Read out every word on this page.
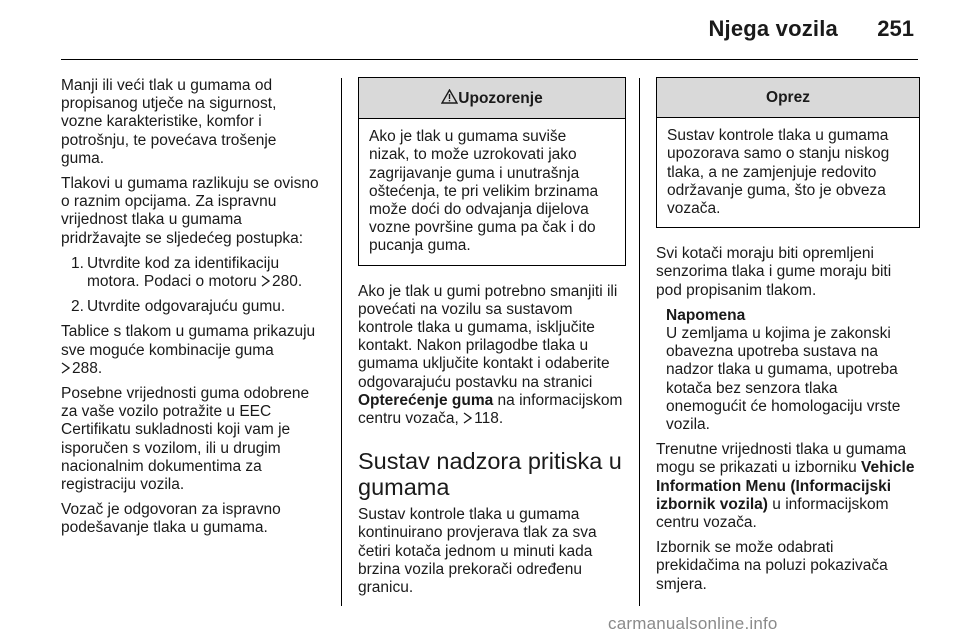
Njega vozila 251

Manji ili veći tlak u gumama od
propisanog utječe na sigurnost,
vozne karakteristike, komfor i
potrošnju, te povećava trošenje
guma.

Tlakovi u gumama razlikuju se ovisno
o raznim opcijama. Za ispravnu
vrijednost tlaka u gumama
pridržavajte se sljedećeg postupka:

1. Utvrdite kod za identifikaciju
motora. Podaci o motoru 280.
2. Utvrdite odgovarajuću gumu.

Tablice s tlakom u gumama prikazuju
sve moguće kombinacije guma
288.

Posebne vrijednosti guma odobrene
za vaše vozilo potražite u EEC
Certifikatu sukladnosti koji vam je
isporučen s vozilom, ili u drugim
nacionalnim dokumentima za
registraciju vozila.

Vozač je odgovoran za ispravno
podešavanje tlaka u gumama.

Upozorenje
Ako je tlak u gumama suviše
nizak, to može uzrokovati jako
zagrijavanje guma i unutrašnja
oštećenja, te pri velikim brzinama
može doći do odvajanja dijelova
vozne površine guma pa čak i do
pucanja guma.

Ako je tlak u gumi potrebno smanjiti ili
povećati na vozilu sa sustavom
kontrole tlaka u gumama, isključite
kontakt. Nakon prilagodbe tlaka u
gumama uključite kontakt i odaberite
odgovarajuću postavku na stranici
Opterećenje guma na informacijskom
centru vozača, 118.

Sustav nadzora pritiska u
gumama

Sustav kontrole tlaka u gumama
kontinuirano provjerava tlak za sva
četiri kotača jednom u minuti kada
brzina vozila prekorači određenu
granicu.

Oprez
Sustav kontrole tlaka u gumama
upozorava samo o stanju niskog
tlaka, a ne zamjenjuje redovito
održavanje guma, što je obveza
vozača.

Svi kotači moraju biti opremljeni
senzorima tlaka i gume moraju biti
pod propisanim tlakom.

Napomena
U zemljama u kojima je zakonski
obavezna upotreba sustava na
nadzor tlaka u gumama, upotreba
kotača bez senzora tlaka
onemogućit će homologaciju vrste
vozila.

Trenutne vrijednosti tlaka u gumama
mogu se prikazati u izborniku Vehicle
Information Menu (Informacijski
izbornik vozila) u informacijskom
centru vozača.

Izbornik se može odabrati
prekidačima na poluzi pokazivača
smjera.

carmanualsonline.info
